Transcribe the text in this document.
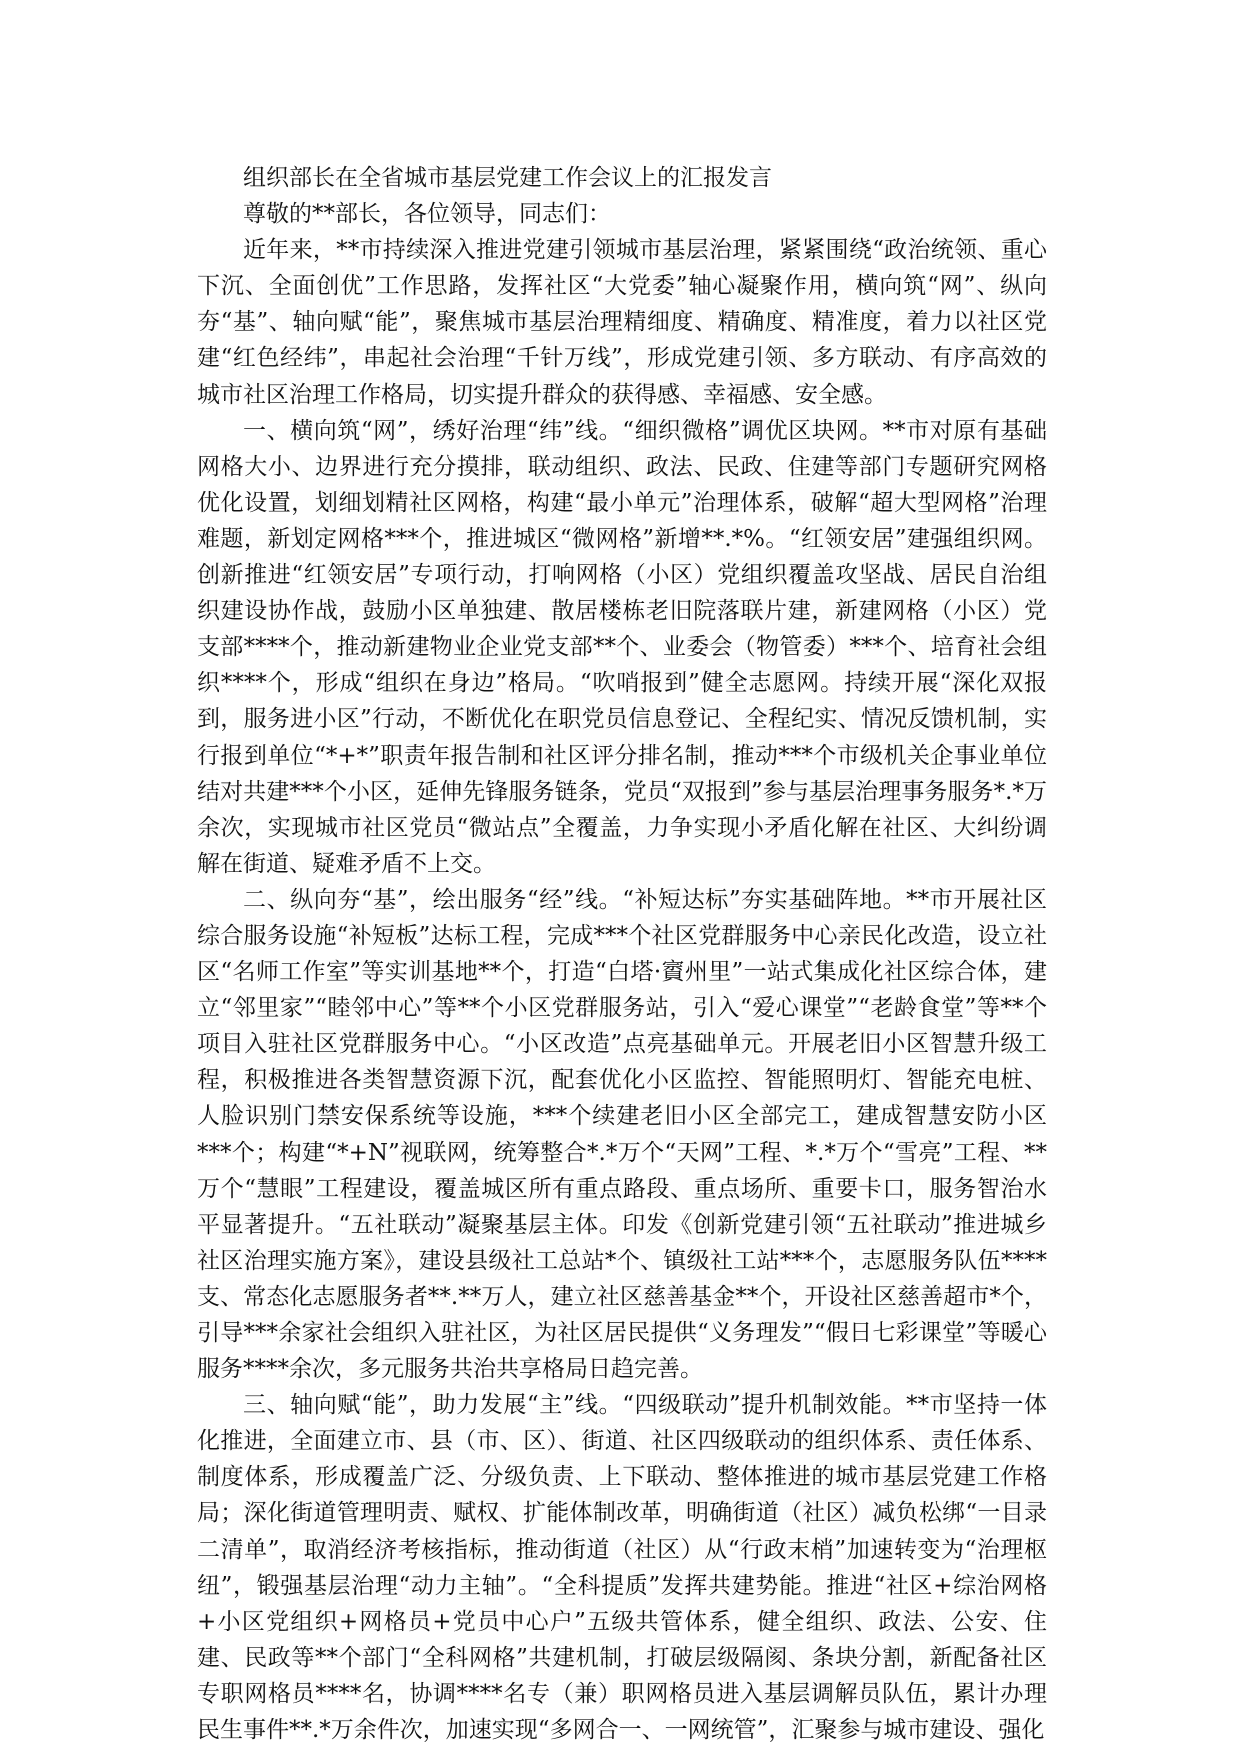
组织部长在全省城市基层党建工作会议上的汇报发言

尊敬的**部长，各位领导，同志们：

近年来，**市持续深入推进党建引领城市基层治理，紧紧围绕“政治统领、重心下沉、全面创优”工作思路，发挥社区“大党委”轴心凝聚作用，横向筑“网”、纵向夯“基”、轴向赋“能”，聚焦城市基层治理精细度、精确度、精准度，着力以社区党建“红色经纬”，串起社会治理“千针万线”，形成党建引领、多方联动、有序高效的城市社区治理工作格局，切实提升群众的获得感、幸福感、安全感。

一、横向筑“网”，绣好治理“纬”线。“细织微格”调优区块网。**市对原有基础网格大小、边界进行充分摸排，联动组织、政法、民政、住建等部门专题研究网格优化设置，划细划精社区网格，构建“最小单元”治理体系，破解“超大型网格”治理难题，新划定网格***个，推进城区“微网格”新增**.*%。“红领安居”建强组织网。创新推进“红领安居”专项行动，打响网格（小区）党组织覆盖攻坚战、居民自治组织建设协作战，鼓励小区单独建、散居楼栋老旧院落联片建，新建网格（小区）党支部****个，推动新建物业企业党支部**个、业委会（物管委）***个、培育社会组织****个，形成“组织在身边”格局。“吹哨报到”健全志愿网。持续开展“深化双报到，服务进小区”行动，不断优化在职党员信息登记、全程纪实、情况反馈机制，实行报到单位“*+*”职责年报告制和社区评分排名制，推动***个市级机关企事业单位结对共建***个小区，延伸先锋服务链条，党员“双报到”参与基层治理事务服务*.*万余次，实现城市社区党员“微站点”全覆盖，力争实现小矛盾化解在社区、大纠纷调解在街道、疑难矛盾不上交。

二、纵向夯“基”，绘出服务“经”线。“补短达标”夯实基础阵地。**市开展社区综合服务设施“补短板”达标工程，完成***个社区党群服务中心亲民化改造，设立社区“名师工作室”等实训基地**个，打造“白塔·賨州里”一站式集成化社区综合体，建立“邻里家”“睦邻中心”等**个小区党群服务站，引入“爱心课堂”“老龄食堂”等**个项目入驻社区党群服务中心。“小区改造”点亮基础单元。开展老旧小区智慧升级工程，积极推进各类智慧资源下沉，配套优化小区监控、智能照明灯、智能充电桩、人脸识别门禁安保系统等设施，***个续建老旧小区全部完工，建成智慧安防小区***个；构建“*+N”视联网，统筹整合*.*万个“天网”工程、*.*万个“雪亮”工程、**万个“慧眼”工程建设，覆盖城区所有重点路段、重点场所、重要卡口，服务智治水平显著提升。“五社联动”凝聚基层主体。印发《创新党建引领“五社联动”推进城乡社区治理实施方案》，建设县级社工总站*个、镇级社工站***个，志愿服务队伍****支、常态化志愿服务者**.**万人，建立社区慈善基金**个，开设社区慈善超市*个，引导***余家社会组织入驻社区，为社区居民提供“义务理发”“假日七彩课堂”等暖心服务****余次，多元服务共治共享格局日趋完善。

三、轴向赋“能”，助力发展“主”线。“四级联动”提升机制效能。**市坚持一体化推进，全面建立市、县（市、区）、街道、社区四级联动的组织体系、责任体系、制度体系，形成覆盖广泛、分级负责、上下联动、整体推进的城市基层党建工作格局；深化街道管理明责、赋权、扩能体制改革，明确街道（社区）减负松绑“一目录二清单”，取消经济考核指标，推动街道（社区）从“行政末梢”加速转变为“治理枢纽”，锻强基层治理“动力主轴”。“全科提质”发挥共建势能。推进“社区+综治网格+小区党组织+网格员+党员中心户”五级共管体系，健全组织、政法、公安、住建、民政等**个部门“全科网格”共建机制，打破层级隔阂、条块分割，新配备社区专职网格员****名，协调****名专（兼）职网格员进入基层调解员队伍，累计办理民生事件**.*万余件次，加速实现“多网合一、一网统管”，汇聚参与城市建设、强化
